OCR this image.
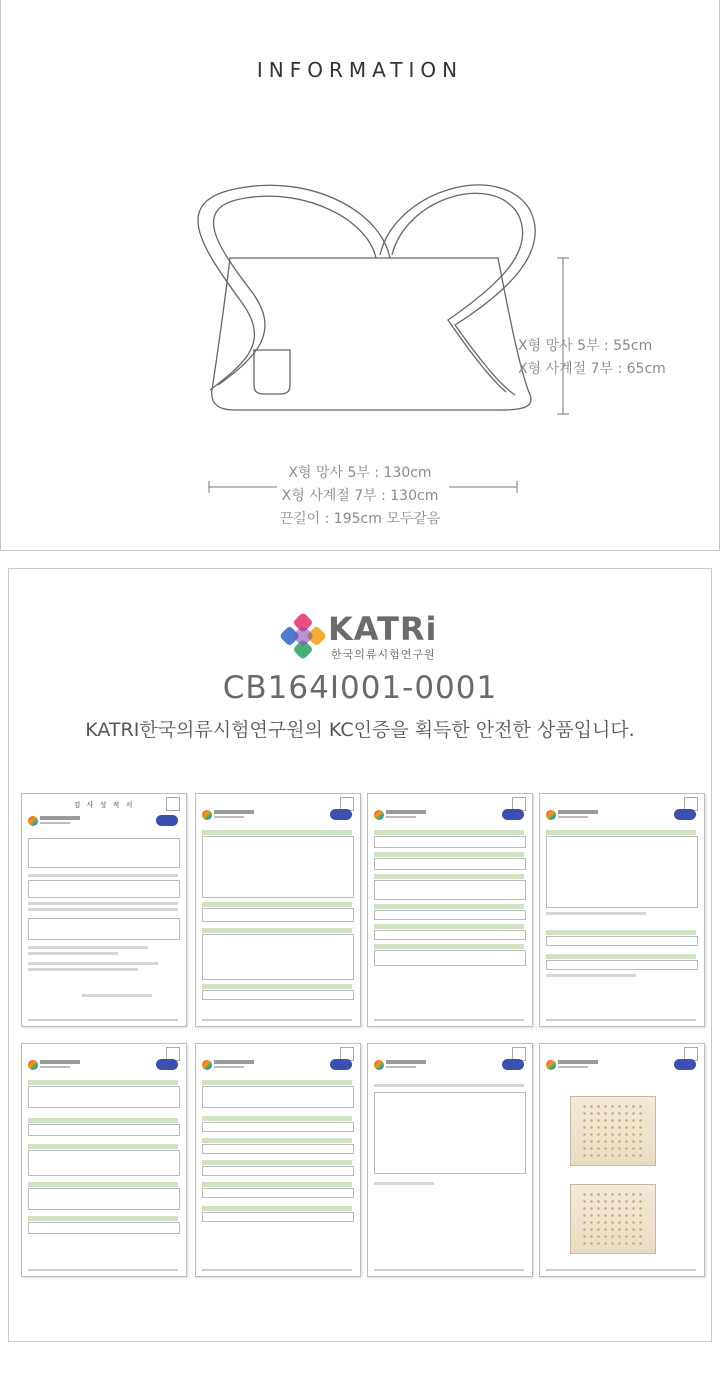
INFORMATION
X형 망사 5부 : 55cm
X형 사계절 7부 : 65cm
X형 망사 5부 : 130cm
X형 사계절 7부 : 130cm
끈길이 : 195cm 모두같음
KATRi
한국의류시험연구원
CB164I001-0001
KATRI한국의류시험연구원의 KC인증을 획득한 안전한 상품입니다.
검 사 성 적 서
